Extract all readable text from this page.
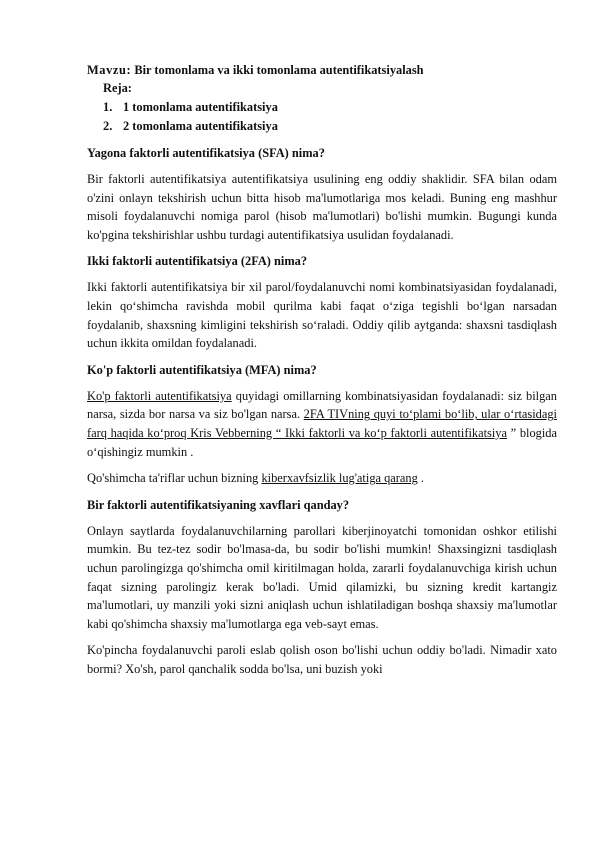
Mavzu: Bir tomonlama va ikki tomonlama autentifikatsiyalash

Reja:

1. 1 tomonlama autentifikatsiya
2. 2 tomonlama autentifikatsiya
Yagona faktorli autentifikatsiya (SFA) nima?

Bir faktorli autentifikatsiya autentifikatsiya usulining eng oddiy shaklidir. SFA bilan odam o'zini onlayn tekshirish uchun bitta hisob ma'lumotlariga mos keladi. Buning eng mashhur misoli foydalanuvchi nomiga parol (hisob ma'lumotlari) bo'lishi mumkin. Bugungi kunda ko'pgina tekshirishlar ushbu turdagi autentifikatsiya usulidan foydalanadi.

Ikki faktorli autentifikatsiya (2FA) nima?

Ikki faktorli autentifikatsiya bir xil parol/foydalanuvchi nomi kombinatsiyasidan foydalanadi, lekin qo‘shimcha ravishda mobil qurilma kabi faqat o‘ziga tegishli bo‘lgan narsadan foydalanib, shaxsning kimligini tekshirish so‘raladi. Oddiy qilib aytganda: shaxsni tasdiqlash uchun ikkita omildan foydalanadi.

Ko'p faktorli autentifikatsiya (MFA) nima?

Ko'p faktorli autentifikatsiya quyidagi omillarning kombinatsiyasidan foydalanadi: siz bilgan narsa, sizda bor narsa va siz bo'lgan narsa. 2FA TIVning quyi to‘plami bo‘lib, ular o‘rtasidagi farq haqida ko‘proq Kris Vebberning “ Ikki faktorli va ko‘p faktorli autentifikatsiya ” blogida o‘qishingiz mumkin .

Qo'shimcha ta'riflar uchun bizning kiberxavfsizlik lug'atiga qarang .

Bir faktorli autentifikatsiyaning xavflari qanday?

Onlayn saytlarda foydalanuvchilarning parollari kiberjinoyatchi tomonidan oshkor etilishi mumkin. Bu tez-tez sodir bo'lmasa-da, bu sodir bo'lishi mumkin! Shaxsingizni tasdiqlash uchun parolingizga qo'shimcha omil kiritilmagan holda, zararli foydalanuvchiga kirish uchun faqat sizning parolingiz kerak bo'ladi. Umid qilamizki, bu sizning kredit kartangiz ma'lumotlari, uy manzili yoki sizni aniqlash uchun ishlatiladigan boshqa shaxsiy ma'lumotlar kabi qo'shimcha shaxsiy ma'lumotlarga ega veb-sayt emas.

Ko'pincha foydalanuvchi paroli eslab qolish oson bo'lishi uchun oddiy bo'ladi. Nimadir xato bormi? Xo'sh, parol qanchalik sodda bo'lsa, uni buzish yoki
